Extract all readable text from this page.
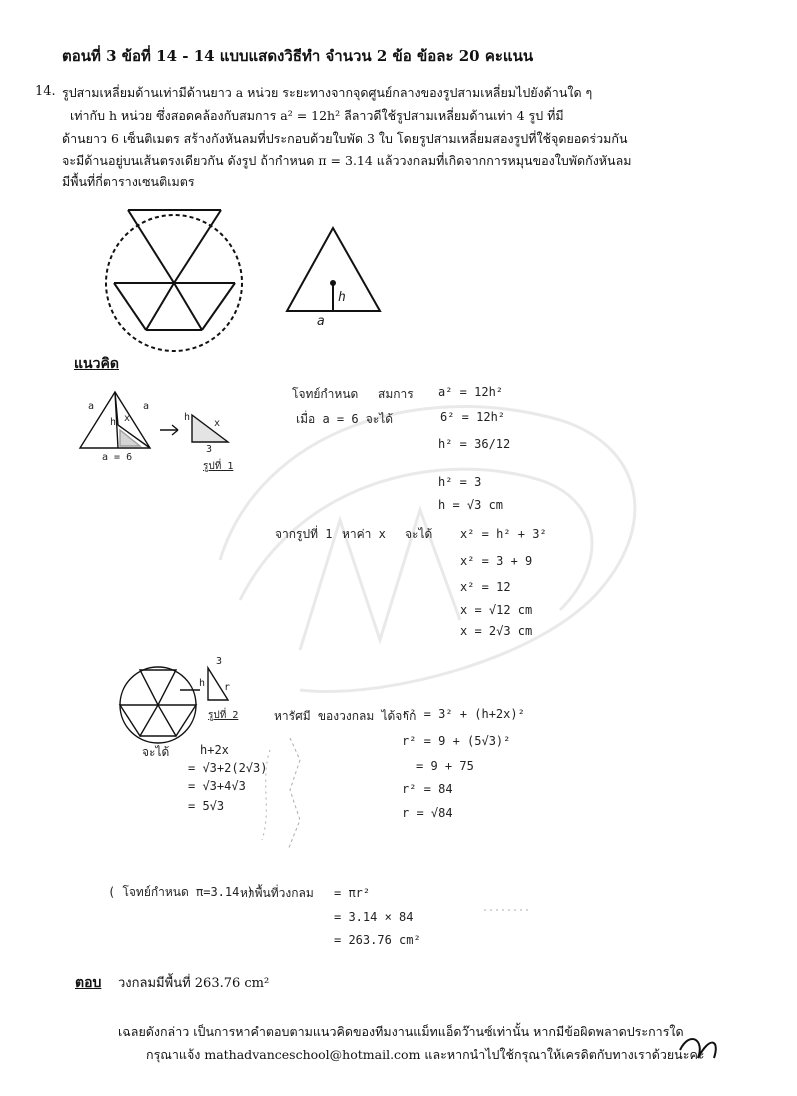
ตอนที่ 3 ข้อที่ 14 - 14 แบบแสดงวิธีทำ จำนวน 2 ข้อ ข้อละ 20 คะแนน
14. รูปสามเหลี่ยมด้านเท่ามีด้านยาว a หน่วย ระยะทางจากจุดศูนย์กลางของรูปสามเหลี่ยมไปยังด้านใด ๆ
เท่ากับ h หน่วย ซึ่งสอดคล้องกับสมการ a² = 12h² ลีลาวดีใช้รูปสามเหลี่ยมด้านเท่า 4 รูป ที่มี
ด้านยาว 6 เซ็นติเมตร สร้างกังหันลมที่ประกอบด้วยใบพัด 3 ใบ โดยรูปสามเหลี่ยมสองรูปที่ใช้จุดยอดร่วมกัน
จะมีด้านอยู่บนเส้นตรงเดียวกัน ดังรูป ถ้ากำหนด π = 3.14 แล้ววงกลมที่เกิดจากการหมุนของใบพัดกังหันลม
มีพื้นที่กี่ตารางเซนติเมตร
h
a
แนวคิด
a	a
h x
a = 6
h
x
3
รูปที่ 1
โจทย์กำหนด สมการ a² = 12h²
เมื่อ a = 6 จะได้	6² = 12h²
h² = 36/12
h² = 3
h = √3 cm
จากรูปที่ 1 หาค่า x จะได้ x² = h² + 3²
x² = 3 + 9
x² = 12
x = √12 cm
x = 2√3 cm
3
h r
รูปที่ 2	หารัศมี ของวงกลม ได้จาก
r² = 3² + (h+2x)²
r² = 9 + (5√3)²
= 9 + 75
r² = 84
r = √84
จะได้	h+2x
= √3+2(2√3)
= √3+4√3
= 5√3
( โจทย์กำหนด π=3.14 )
หาพื้นที่วงกลม = πr²
= 3.14 × 84
= 263.76 cm²
ตอบ วงกลมมีพื้นที่ 263.76 cm²
เฉลยดังกล่าว เป็นการหาคำตอบตามแนวคิดของทีมงานแม็ทแอ็ดว๊านซ์เท่านั้น หากมีข้อผิดพลาดประการใด
กรุณาแจ้ง mathadvanceschool@hotmail.com และหากนำไปใช้กรุณาให้เครดิตกับทางเราด้วยนะคะ
